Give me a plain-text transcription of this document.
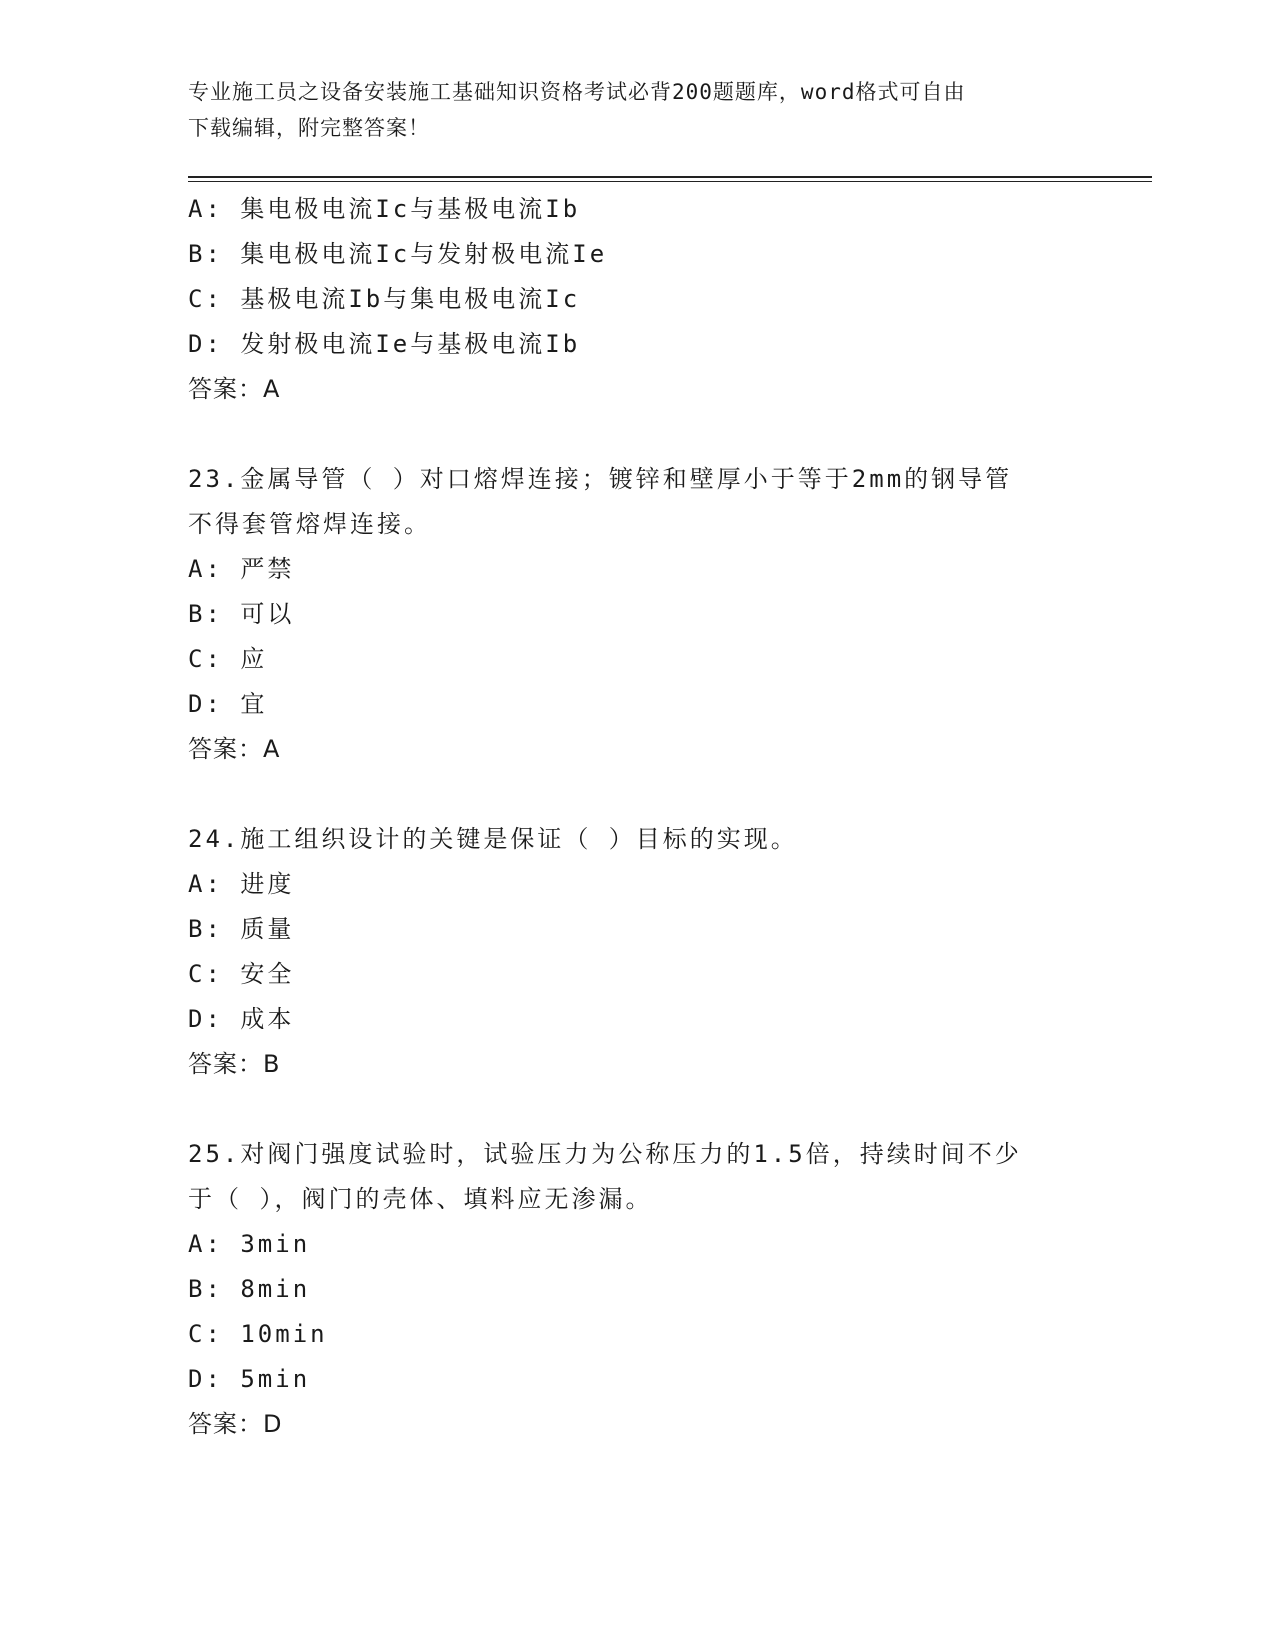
专业施工员之设备安装施工基础知识资格考试必背200题题库，word格式可自由
下载编辑，附完整答案！
A: 集电极电流Ic与基极电流Ib
B: 集电极电流Ic与发射极电流Ie
C: 基极电流Ib与集电极电流Ic
D: 发射极电流Ie与基极电流Ib
答案：A
23.金属导管（ ）对口熔焊连接；镀锌和壁厚小于等于2mm的钢导管
不得套管熔焊连接。
A: 严禁
B: 可以
C: 应
D: 宜
答案：A
24.施工组织设计的关键是保证（ ）目标的实现。
A: 进度
B: 质量
C: 安全
D: 成本
答案：B
25.对阀门强度试验时，试验压力为公称压力的1.5倍，持续时间不少
于（ ），阀门的壳体、填料应无渗漏。
A: 3min
B: 8min
C: 10min
D: 5min
答案：D
